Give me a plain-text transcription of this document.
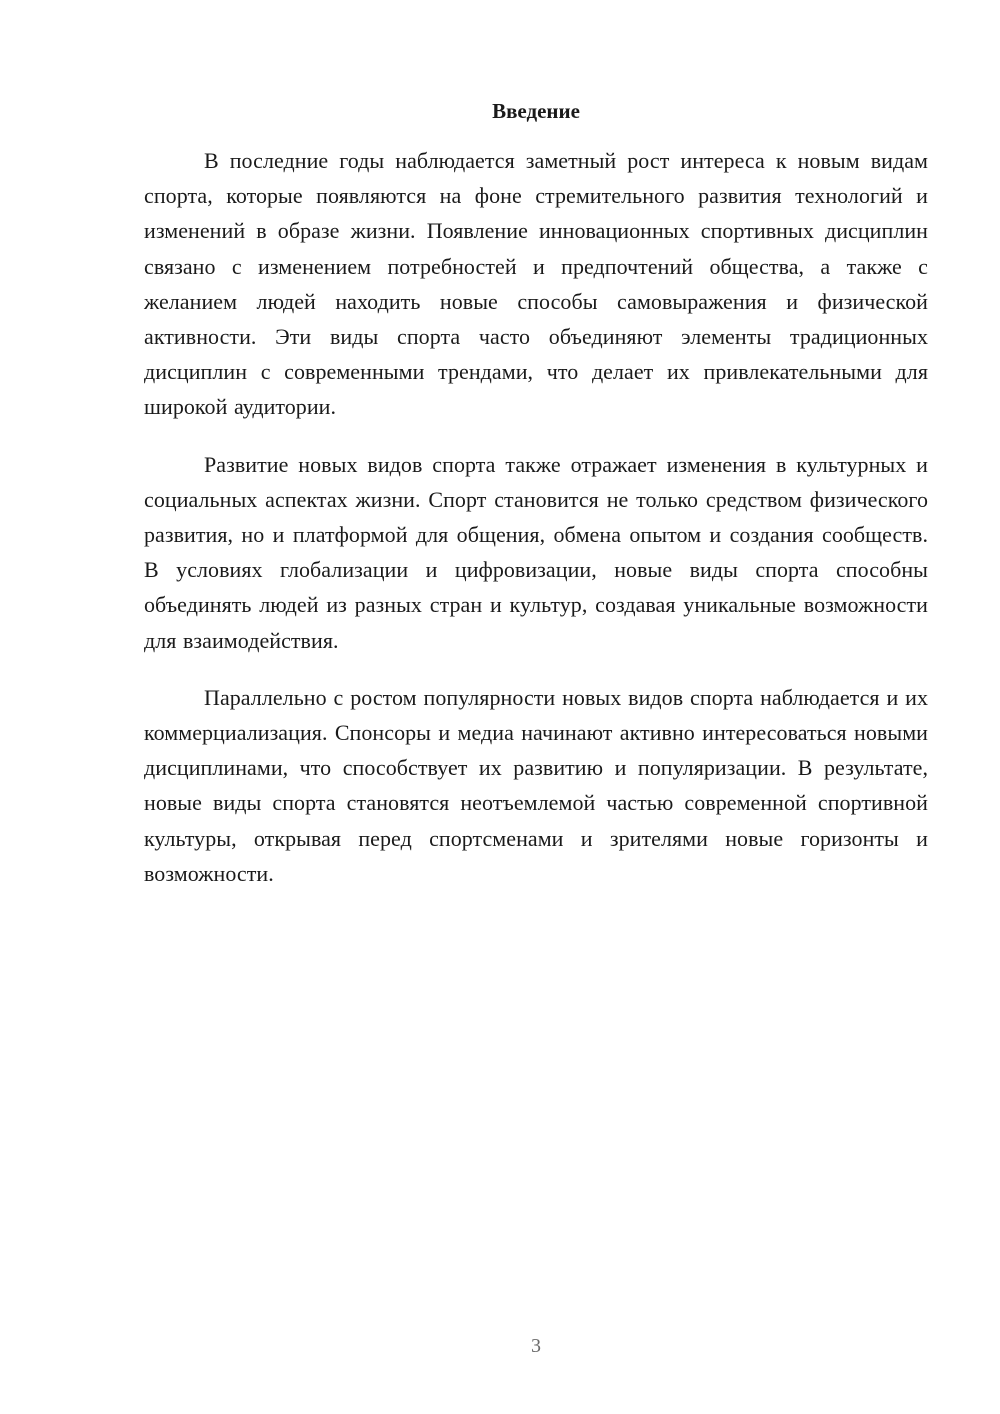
Введение

В последние годы наблюдается заметный рост интереса к новым видам спорта, которые появляются на фоне стремительного развития технологий и изменений в образе жизни. Появление инновационных спортивных дисциплин связано с изменением потребностей и предпочтений общества, а также с желанием людей находить новые способы самовыражения и физической активности. Эти виды спорта часто объединяют элементы традиционных дисциплин с современными трендами, что делает их привлекательными для широкой аудитории.

Развитие новых видов спорта также отражает изменения в культурных и социальных аспектах жизни. Спорт становится не только средством физического развития, но и платформой для общения, обмена опытом и создания сообществ. В условиях глобализации и цифровизации, новые виды спорта способны объединять людей из разных стран и культур, создавая уникальные возможности для взаимодействия.

Параллельно с ростом популярности новых видов спорта наблюдается и их коммерциализация. Спонсоры и медиа начинают активно интересоваться новыми дисциплинами, что способствует их развитию и популяризации. В результате, новые виды спорта становятся неотъемлемой частью современной спортивной культуры, открывая перед спортсменами и зрителями новые горизонты и возможности.

3
